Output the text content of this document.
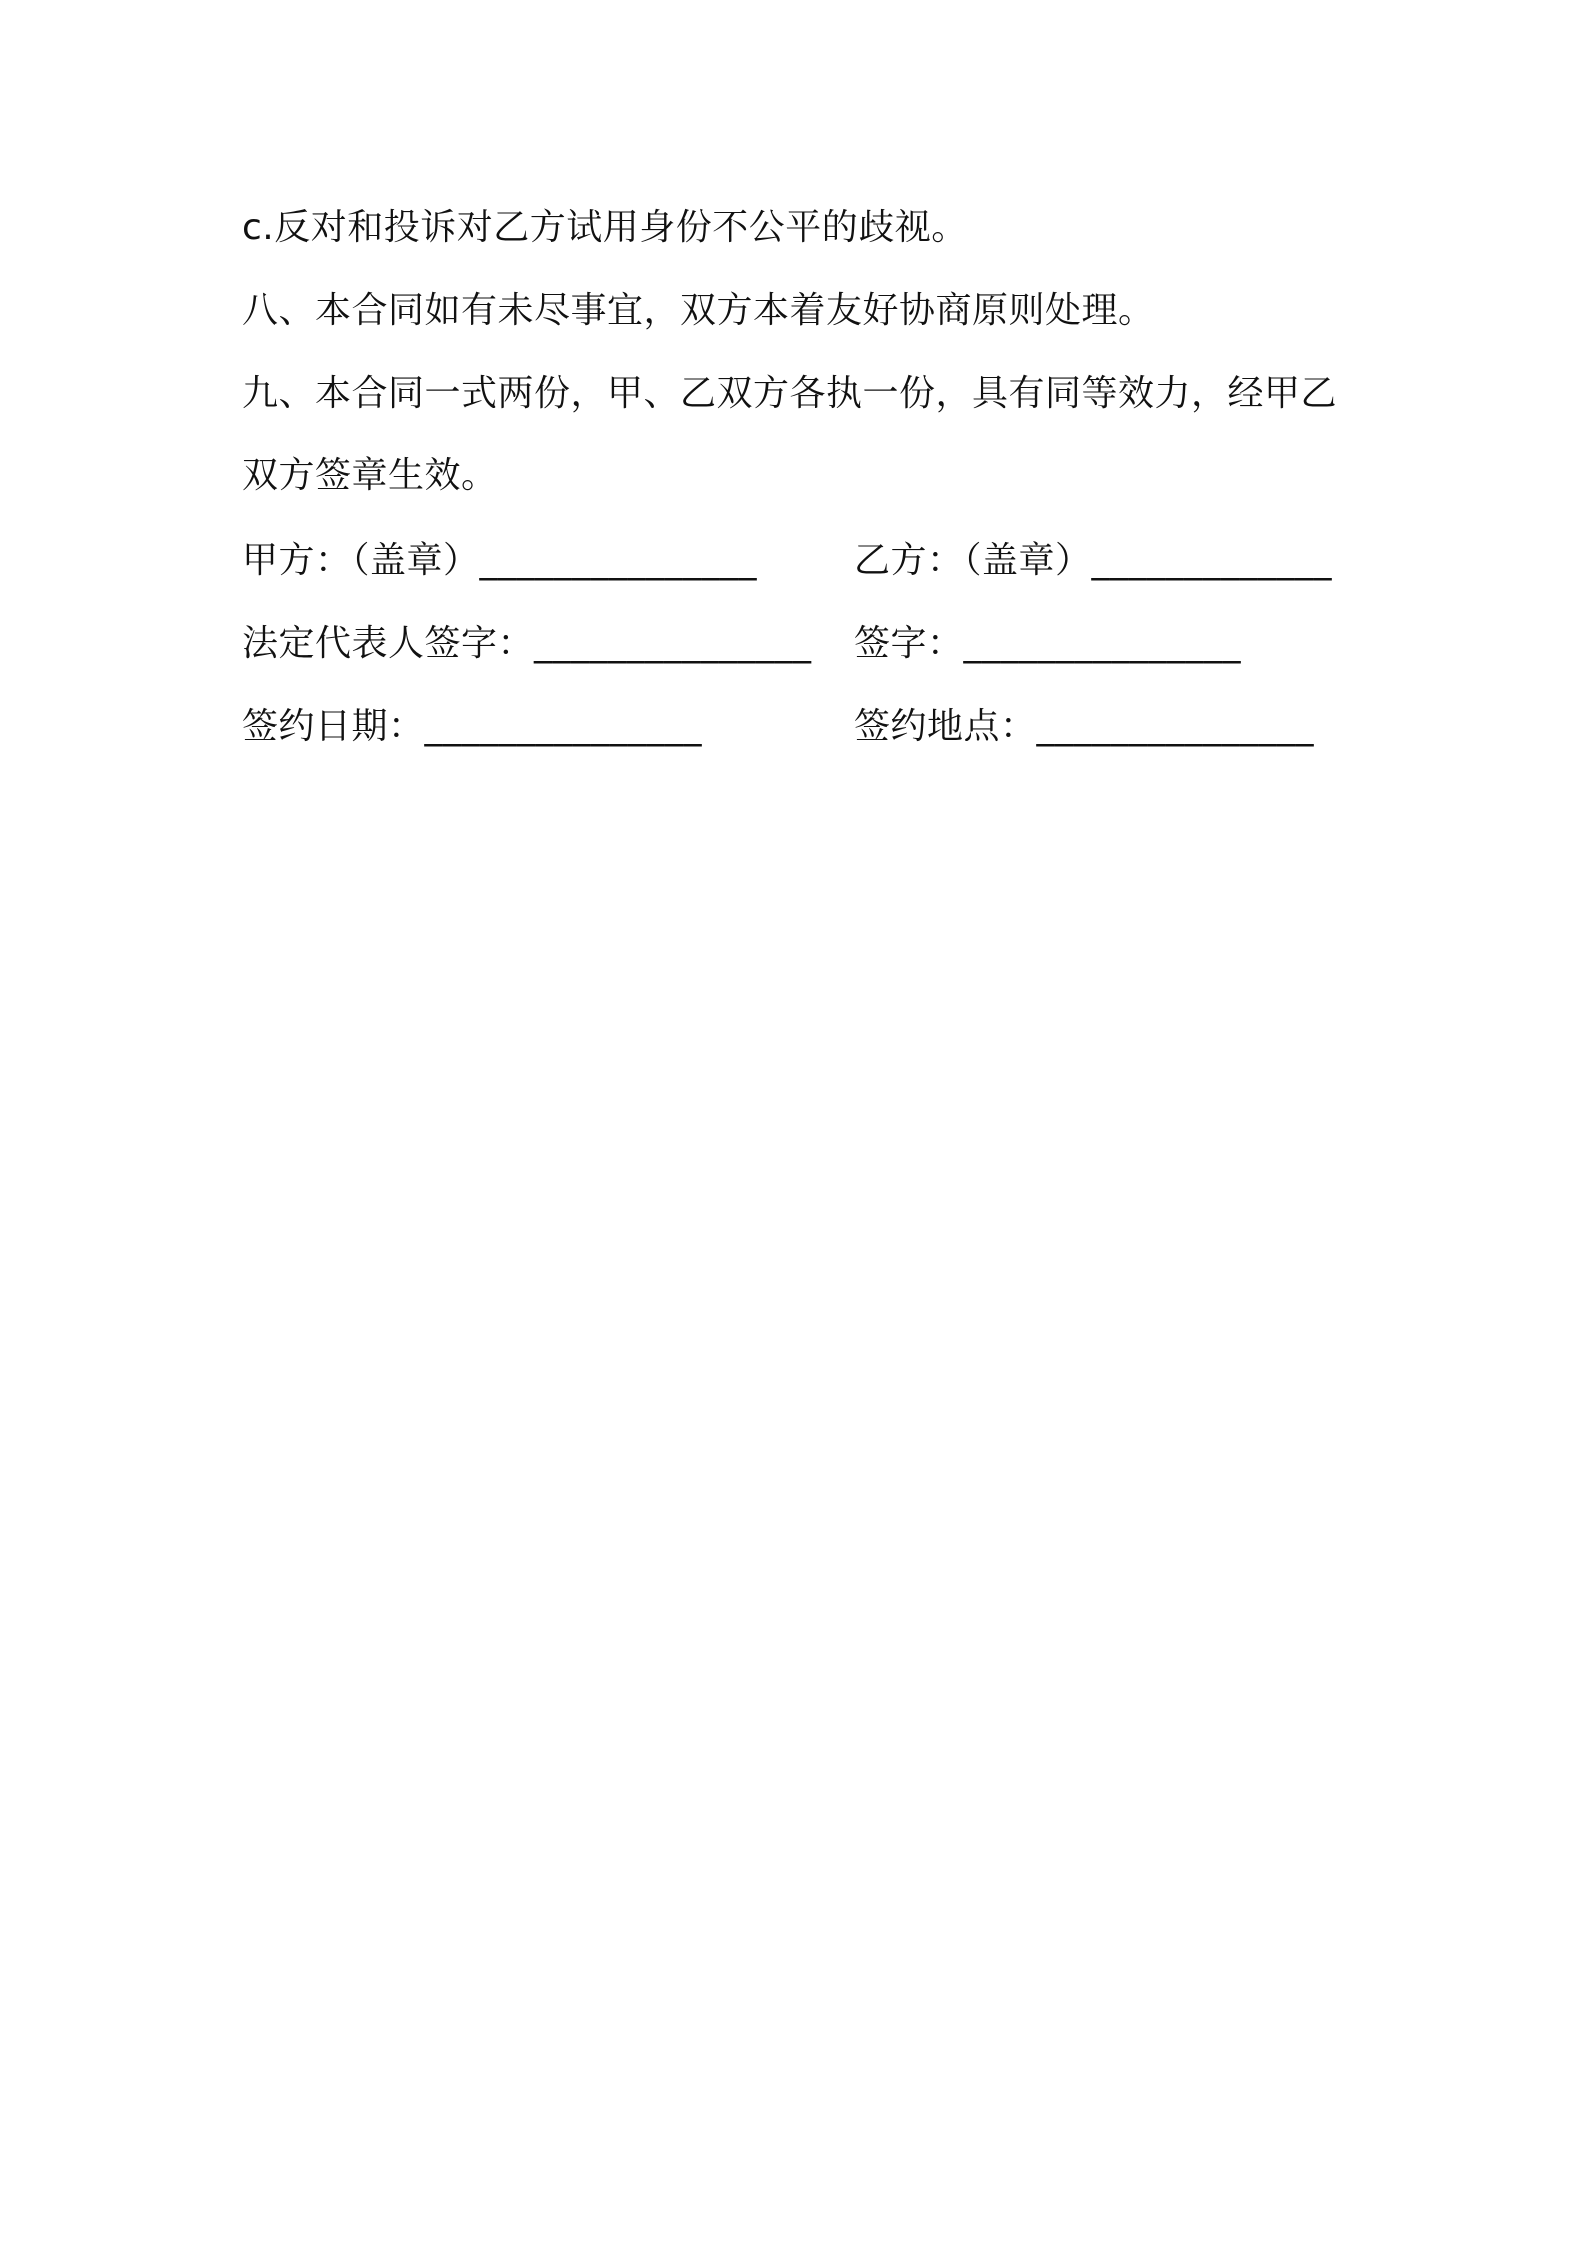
c.反对和投诉对乙方试用身份不公平的歧视。

八、本合同如有未尽事宜，双方本着友好协商原则处理。

九、本合同一式两份，甲、乙双方各执一份，具有同等效力，经甲乙双方签章生效。

甲方：（盖章）_______________	乙方：（盖章）_____________
法定代表人签字：_______________ 签字：_______________
签约日期：_______________	签约地点：_______________
